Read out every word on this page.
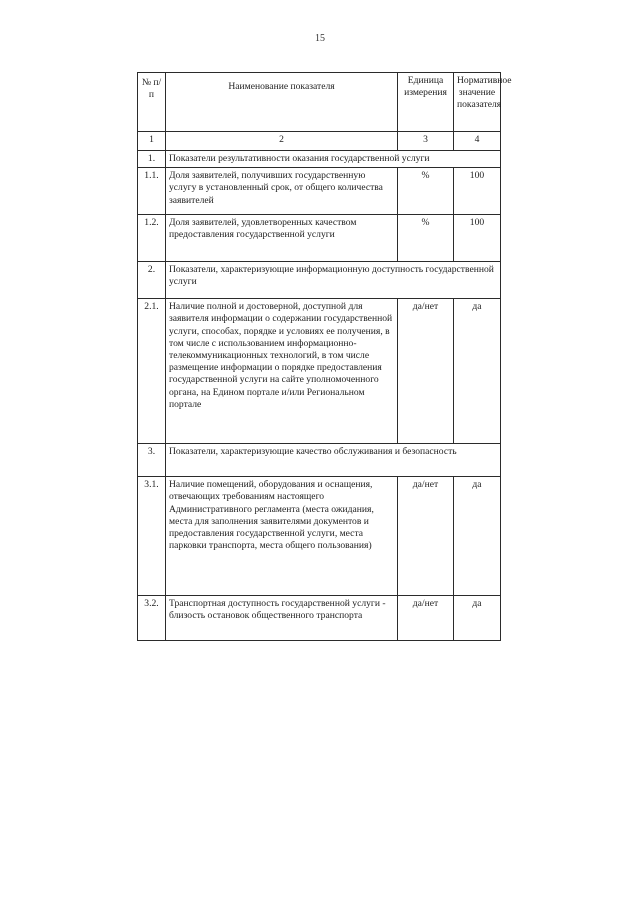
15
№ п/п	Наименование показателя	Единица измерения	Нормативное значение показателя
1	2	3	4
1.	Показатели результативности оказания государственной услуги		
1.1.	Доля заявителей, получивших государственную услугу в установленный срок, от общего количества заявителей	%	100
1.2.	Доля заявителей, удовлетворенных качеством предоставления государственной услуги	%	100
2.	Показатели, характеризующие информационную доступность государственной услуги		
2.1.	Наличие полной и достоверной, доступной для заявителя информации о содержании государственной услуги, способах, порядке и условиях ее получения, в том числе с использованием информационно-телекоммуникационных технологий, в том числе размещение информации о порядке предоставления государственной услуги на сайте уполномоченного органа, на Едином портале и/или Региональном портале	да/нет	да
3.	Показатели, характеризующие качество обслуживания и безопасность		
3.1.	Наличие помещений, оборудования и оснащения, отвечающих требованиям настоящего Административного регламента (места ожидания, места для заполнения заявителями документов и предоставления государственной услуги, места парковки транспорта, места общего пользования)	да/нет	да
3.2.	Транспортная доступность государственной услуги - близость остановок общественного транспорта	да/нет	да
